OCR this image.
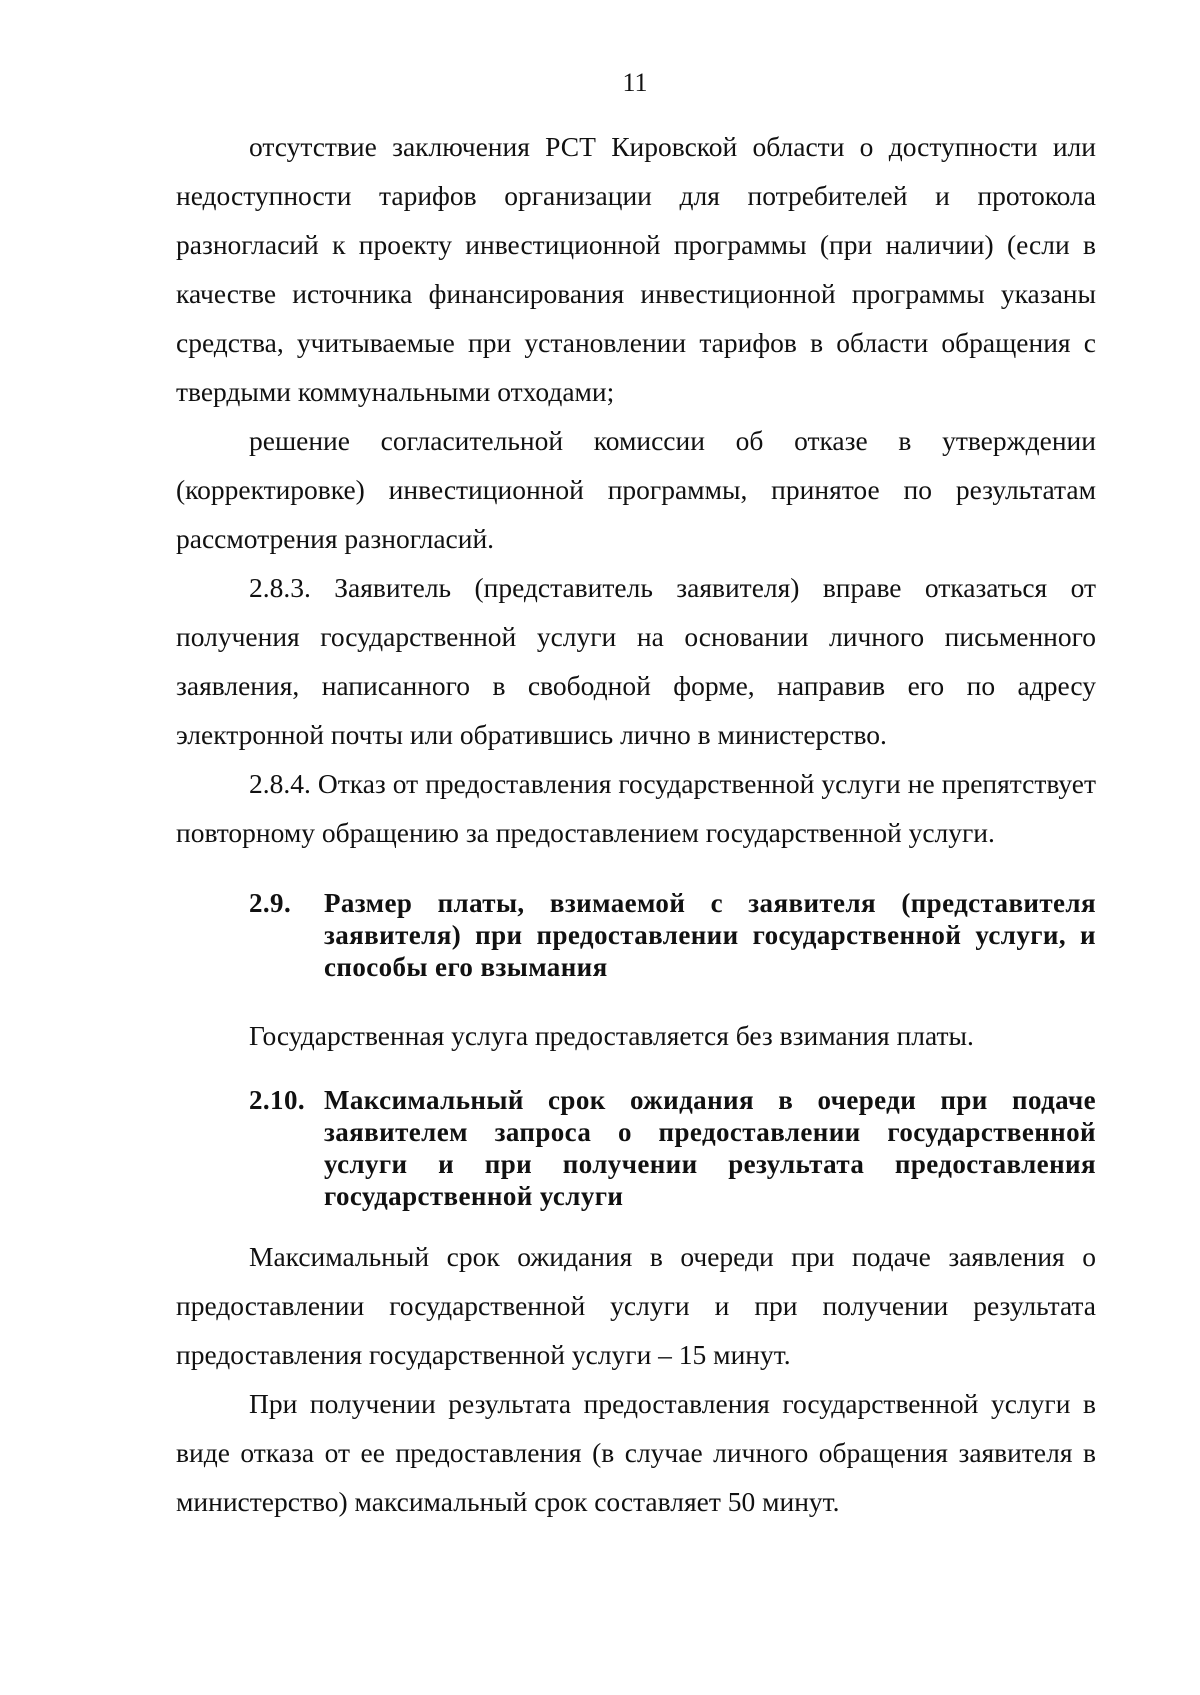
11

отсутствие заключения РСТ Кировской области о доступности или недоступности тарифов организации для потребителей и протокола разногласий к проекту инвестиционной программы (при наличии) (если в качестве источника финансирования инвестиционной программы указаны средства, учитываемые при установлении тарифов в области обращения с твердыми коммунальными отходами;

решение согласительной комиссии об отказе в утверждении (корректировке) инвестиционной программы, принятое по результатам рассмотрения разногласий.

2.8.3. Заявитель (представитель заявителя) вправе отказаться от получения государственной услуги на основании личного письменного заявления, написанного в свободной форме, направив его по адресу электронной почты или обратившись лично в министерство.

2.8.4. Отказ от предоставления государственной услуги не препятствует повторному обращению за предоставлением государственной услуги.

2.9.	Размер платы, взимаемой с заявителя (представителя заявителя) при предоставлении государственной услуги, и способы его взымания

Государственная услуга предоставляется без взимания платы.

2.10. Максимальный срок ожидания в очереди при подаче заявителем запроса о предоставлении государственной услуги и при получении результата предоставления государственной услуги

Максимальный срок ожидания в очереди при подаче заявления о предоставлении государственной услуги и при получении результата предоставления государственной услуги – 15 минут.

При получении результата предоставления государственной услуги в виде отказа от ее предоставления (в случае личного обращения заявителя в министерство) максимальный срок составляет 50 минут.
